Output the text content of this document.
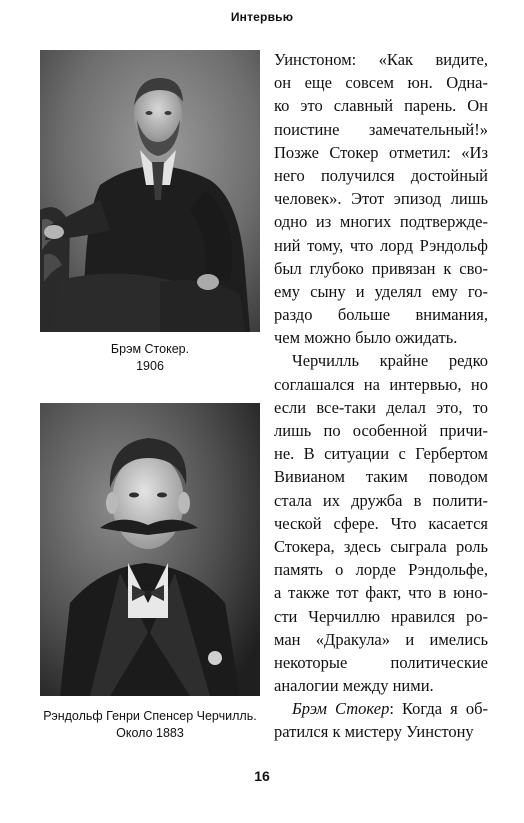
Интервью
Брэм Стокер.
1906
Рэндольф Генри Спенсер Черчилль.
Около 1883
Уинстоном: «Как видите,
он еще совсем юн. Одна-
ко это славный парень. Он
поистине замечательный!»
Позже Стокер отметил: «Из
него получился достойный
человек». Этот эпизод лишь
одно из многих подтвержде-
ний тому, что лорд Рэндольф
был глубоко привязан к сво-
ему сыну и уделял ему го-
раздо больше внимания,
чем можно было ожидать.
Черчилль крайне редко
соглашался на интервью, но
если все-таки делал это, то
лишь по особенной причи-
не. В ситуации с Гербертом
Вивианом таким поводом
стала их дружба в полити-
ческой сфере. Что касается
Стокера, здесь сыграла роль
память о лорде Рэндольфе,
а также тот факт, что в юно-
сти Черчиллю нравился ро-
ман «Дракула» и имелись
некоторые политические
аналогии между ними.
Брэм Стокер: Когда я об-
ратился к мистеру Уинстону
16
